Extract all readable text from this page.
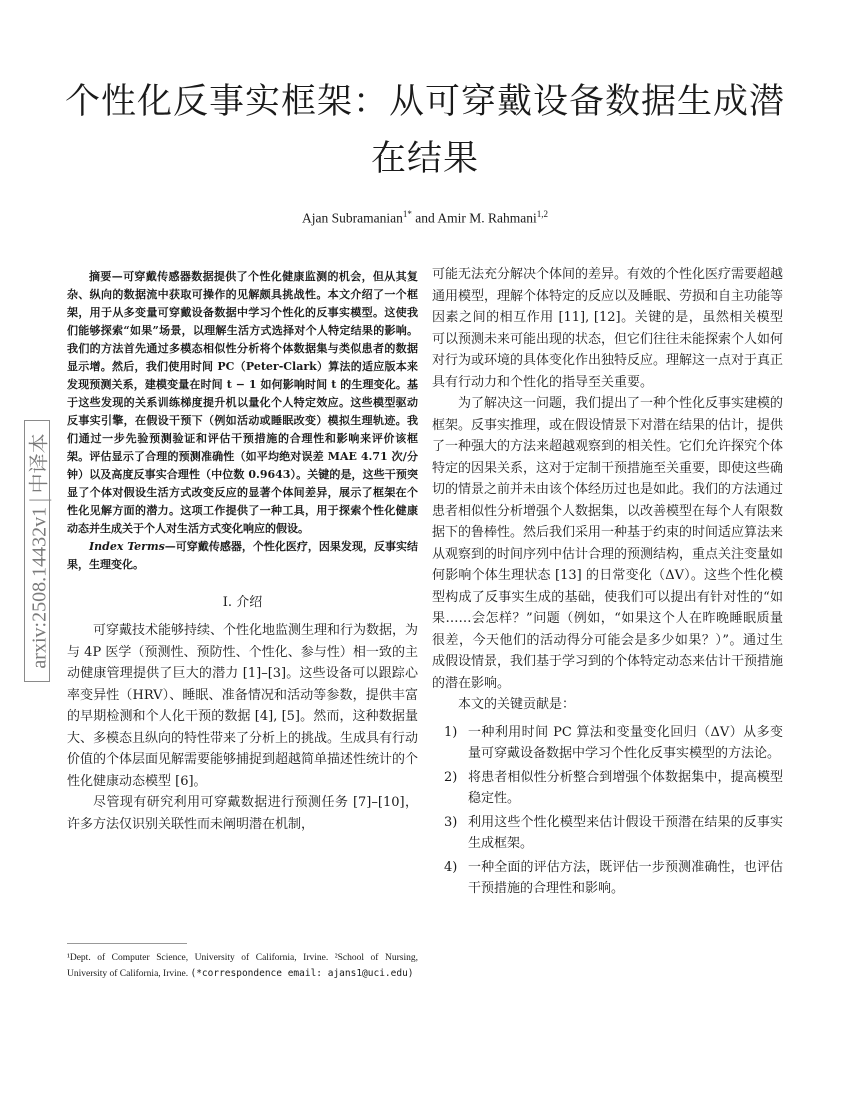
个性化反事实框架：从可穿戴设备数据生成潜在结果
Ajan Subramanian$^{1*}$ and Amir M. Rahmani$^{1,2}$
arxiv:2508.14432v1中译本

摘要—可穿戴传感器数据提供了个性化健康监测的机会，但从其复杂、纵向的数据流中获取可操作的见解颇具挑战性。本文介绍了一个框架，用于从多变量可穿戴设备数据中学习个性化的反事实模型。这使我们能够探索“如果”场景，以理解生活方式选择对个人特定结果的影响。我们的方法首先通过多模态相似性分析将个体数据集与类似患者的数据显示增。然后，我们使用时间 PC（Peter-Clark）算法的适应版本来发现预测关系，建模变量在时间 t − 1 如何影响时间 t 的生理变化。基于这些发现的关系训练梯度提升机以量化个人特定效应。这些模型驱动反事实引擎，在假设干预下（例如活动或睡眠改变）模拟生理轨迹。我们通过一步先验预测验证和评估干预措施的合理性和影响来评价该框架。评估显示了合理的预测准确性（如平均绝对误差 MAE 4.71 次/分钟）以及高度反事实合理性（中位数 0.9643）。关键的是，这些干预突显了个体对假设生活方式改变反应的显著个体间差异，展示了框架在个性化见解方面的潜力。这项工作提供了一种工具，用于探索个性化健康动态并生成关于个人对生活方式变化响应的假设。

Index Terms—可穿戴传感器，个性化医疗，因果发现，反事实结果，生理变化。

I. 介绍

可穿戴技术能够持续、个性化地监测生理和行为数据，为与 4P 医学（预测性、预防性、个性化、参与性）相一致的主动健康管理提供了巨大的潜力 [1]–[3]。这些设备可以跟踪心率变异性（HRV）、睡眠、准备情况和活动等参数，提供丰富的早期检测和个人化干预的数据 [4], [5]。然而，这种数据量大、多模态且纵向的特性带来了分析上的挑战。生成具有行动价值的个体层面见解需要能够捕捉到超越简单描述性统计的个性化健康动态模型 [6]。

尽管现有研究利用可穿戴数据进行预测任务 [7]–[10]，许多方法仅识别关联性而未阐明潜在机制，

¹Dept. of Computer Science, University of California, Irvine. ²School of Nursing, University of California, Irvine. (*correspondence email: ajans1@uci.edu)

可能无法充分解决个体间的差异。有效的个性化医疗需要超越通用模型，理解个体特定的反应以及睡眠、劳损和自主功能等因素之间的相互作用 [11], [12]。关键的是，虽然相关模型可以预测未来可能出现的状态，但它们往往未能探索个人如何对行为或环境的具体变化作出独特反应。理解这一点对于真正具有行动力和个性化的指导至关重要。

为了解决这一问题，我们提出了一种个性化反事实建模的框架。反事实推理，或在假设情景下对潜在结果的估计，提供了一种强大的方法来超越观察到的相关性。它们允许探究个体特定的因果关系，这对于定制干预措施至关重要，即使这些确切的情景之前并未由该个体经历过也是如此。我们的方法通过患者相似性分析增强个人数据集，以改善模型在每个人有限数据下的鲁棒性。然后我们采用一种基于约束的时间适应算法来从观察到的时间序列中估计合理的预测结构，重点关注变量如何影响个体生理状态 [13] 的日常变化（ΔV）。这些个性化模型构成了反事实生成的基础，使我们可以提出有针对性的“如果……会怎样？”问题（例如，“如果这个人在昨晚睡眠质量很差，今天他们的活动得分可能会是多少如果？）”。通过生成假设情景，我们基于学习到的个体特定动态来估计干预措施的潜在影响。

本文的关键贡献是：

1) 一种利用时间 PC 算法和变量变化回归（ΔV）从多变量可穿戴设备数据中学习个性化反事实模型的方法论。
2) 将患者相似性分析整合到增强个体数据集中，提高模型稳定性。
3) 利用这些个性化模型来估计假设干预潜在结果的反事实生成框架。
4) 一种全面的评估方法，既评估一步预测准确性，也评估干预措施的合理性和影响。
